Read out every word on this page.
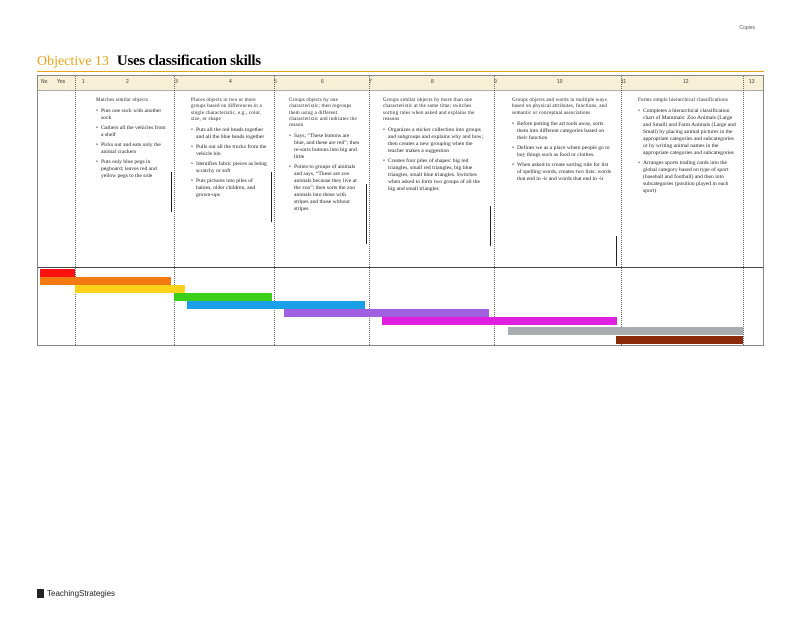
Copies
Objective 13 Uses classification skills
No Yes	1	2	3	4	5	6	7	8	9	10	11	12	13

Matches similar objects

• Puts one sock with another sock
• Gathers all the vehicles from a shelf
• Picks out and eats only the animal crackers
• Puts only blue pegs in pegboard; leaves red and yellow pegs to the side

Places objects in two or more groups based on differences in a single characteristic, e.g., color, size, or shape

• Puts all the red beads together and all the blue beads together
• Pulls out all the trucks from the vehicle bin
• Identifies fabric pieces as being scratchy or soft
• Puts pictures into piles of babies, older children, and grown-ups

Groups objects by one characteristic; then regroups them using a different characteristic and indicates the reason

• Says, “These buttons are blue, and these are red”; then re-sorts buttons into big and little
• Points to groups of animals and says, “These are zoo animals because they live at the zoo”; then sorts the zoo animals into those with stripes and those without stripes

Groups similar objects by more than one characteristic at the same time; switches sorting rules when asked and explains the reasons

• Organizes a sticker collection into groups and subgroups and explains why and how; then creates a new grouping when the teacher makes a suggestion
• Creates four piles of shapes: big red triangles, small red triangles, big blue triangles, small blue triangles. Switches when asked to form two groups of all the big and small triangles

Groups objects and words in multiple ways based on physical attributes, functions, and semantic or conceptual associations

• Before putting the art tools away, sorts them into different categories based on their function
• Defines we as a place where people go to buy things such as food or clothes.
• When asked to create sorting rule for list of spelling words, creates two lists: words that end in -ir and words that end in -ir

Forms simple hierarchical classifications

• Completes a hierarchical classification chart of Mammals: Zoo Animals (Large and Small) and Farm Animals (Large and Small) by placing animal pictures in the appropriate categories and subcategories or by writing animal names in the appropriate categories and subcategories
• Arranges sports trading cards into the global category based on type of sport (baseball and football) and then into subcategories (position played in each sport)
TeachingStrategies
